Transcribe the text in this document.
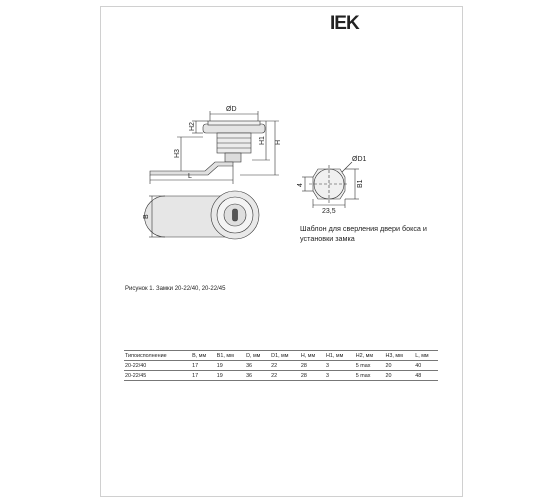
IEK
ØD
H2
H3
H1 H
L
B
ØD1
B1
4
23,5
Шаблон для сверления двери бокса и установки замка
Рисунок 1. Замки 20-22/40, 20-22/45
Типоисполнение	B, мм	B1, мм	D, мм	D1, мм	H, мм	H1, мм	H2, мм	H3, мм	L, мм
20-22/40	17	19	36	22	28	3	5 max	20	40
20-22/45	17	19	36	22	28	3	5 max	20	48
